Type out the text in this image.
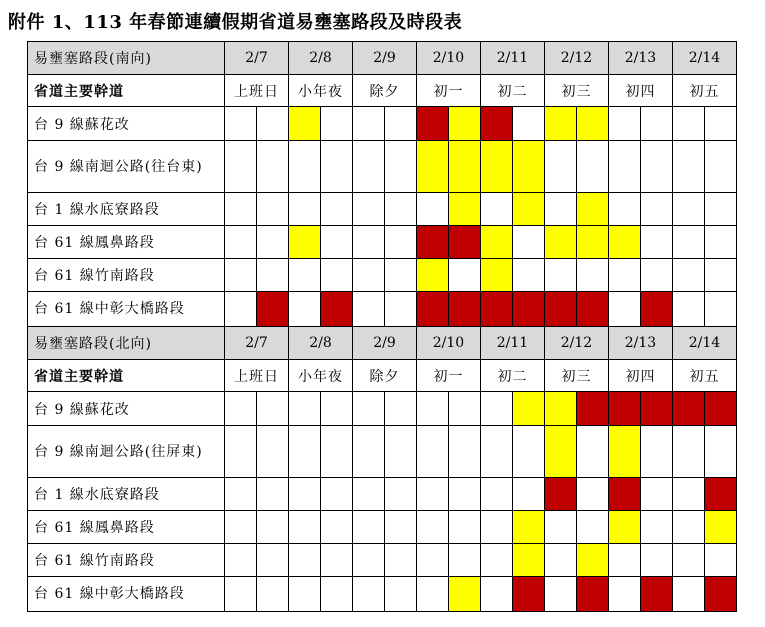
附件 1、113 年春節連續假期省道易壅塞路段及時段表
易壅塞路段(南向)	2/7		2/8		2/9		2/10		2/11		2/12		2/13		2/14	
省道主要幹道	上班日		小年夜		除夕		初一		初二		初三		初四		初五	
台 9 線蘇花改																
台 9 線南迴公路(往台東)																
台 1 線水底寮路段																
台 61 線鳳鼻路段																
台 61 線竹南路段																
台 61 線中彰大橋路段																
易壅塞路段(北向)	2/7		2/8		2/9		2/10		2/11		2/12		2/13		2/14	
省道主要幹道	上班日		小年夜		除夕		初一		初二		初三		初四		初五	
台 9 線蘇花改																
台 9 線南迴公路(往屏東)																
台 1 線水底寮路段																
台 61 線鳳鼻路段																
台 61 線竹南路段																
台 61 線中彰大橋路段																
